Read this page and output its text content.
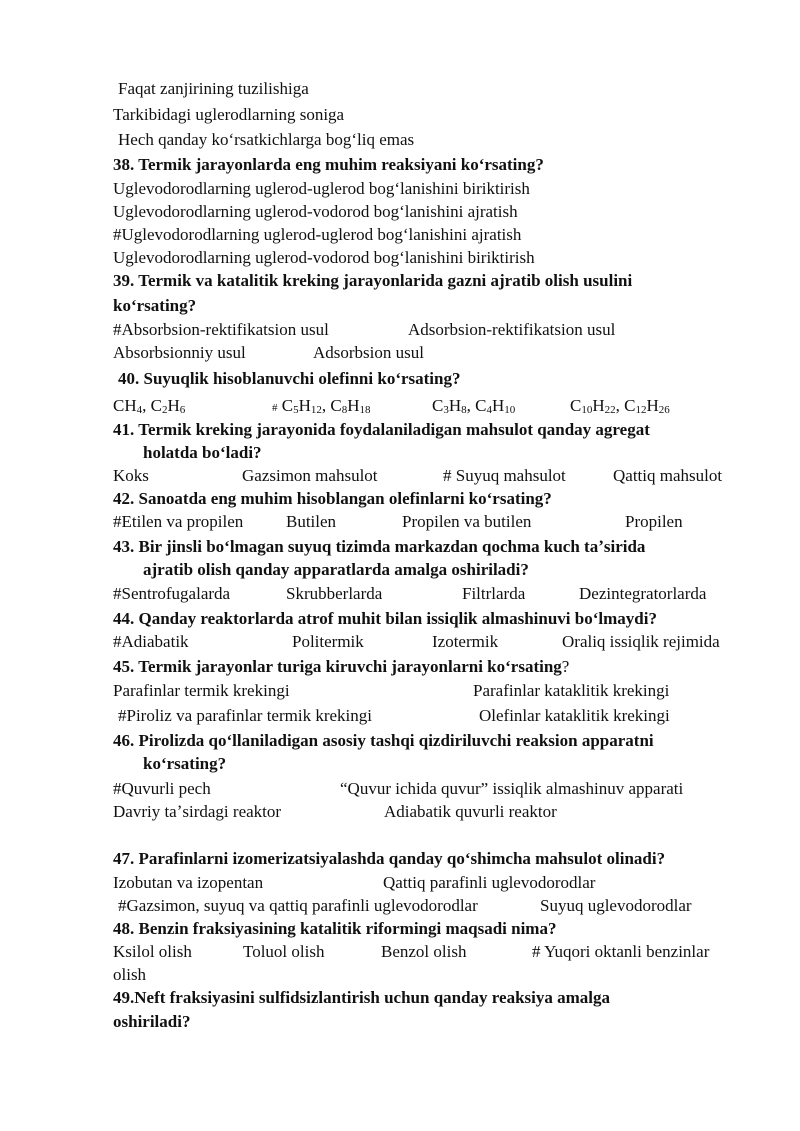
Faqat zanjirining tuzilishiga
Tarkibidagi uglerodlarning soniga
Hech qanday koʻrsatkichlarga bogʻliq emas
38. Termik jarayonlarda eng muhim reaksiyani koʻrsating?
Uglevodorodlarning uglerod-uglerod bogʻlanishini biriktirish
Uglevodorodlarning uglerod-vodorod bogʻlanishini ajratish
#Uglevodorodlarning uglerod-uglerod bogʻlanishini ajratish
Uglevodorodlarning uglerod-vodorod bogʻlanishini biriktirish
39. Termik va katalitik kreking jarayonlarida gazni ajratib olish usulini
koʻrsating?
#Absorbsion-rektifikatsion usul	Adsorbsion-rektifikatsion usul
Absorbsionniy usul	Adsorbsion usul
40. Suyuqlik hisoblanuvchi olefinni koʻrsating?
$CH_4$, $C_2H_6$	# $C_5H_{12}$, $C_8H_{18}$	$C_3H_8$, $C_4H_{10}$	$C_{10}H_{22}$, $C_{12}H_{26}$
41. Termik kreking jarayonida foydalaniladigan mahsulot qanday agregat
holatda boʻladi?
Koks	Gazsimon mahsulot	# Suyuq mahsulot	Qattiq mahsulot
42. Sanoatda eng muhim hisoblangan olefinlarni koʻrsating?
#Etilen va propilen	Butilen	Propilen va butilen	Propilen
43. Bir jinsli boʻlmagan suyuq tizimda markazdan qochma kuch taʼsirida
ajratib olish qanday apparatlarda amalga oshiriladi?
#Sentrofugalarda	Skrubberlarda	Filtrlarda	Dezintegratorlarda
44. Qanday reaktorlarda atrof muhit bilan issiqlik almashinuvi boʻlmaydi?
#Adiabatik	Politermik	Izotermik	Oraliq issiqlik rejimida
45. Termik jarayonlar turiga kiruvchi jarayonlarni koʻrsating?
Parafinlar termik krekingi	Parafinlar kataklitik krekingi
#Piroliz va parafinlar termik krekingi	Olefinlar kataklitik krekingi
46. Pirolizda qoʻllaniladigan asosiy tashqi qizdiriluvchi reaksion apparatni
koʻrsating?
#Quvurli pech	“Quvur ichida quvur” issiqlik almashinuv apparati
Davriy taʼsirdagi reaktor	Adiabatik quvurli reaktor
47. Parafinlarni izomerizatsiyalashda qanday qoʻshimcha mahsulot olinadi?
Izobutan va izopentan	Qattiq parafinli uglevodorodlar
#Gazsimon, suyuq va qattiq parafinli uglevodorodlar	Suyuq uglevodorodlar
48. Benzin fraksiyasining katalitik riformingi maqsadi nima?
Ksilol olish	Toluol olish	Benzol olish	# Yuqori oktanli benzinlar
olish
49.Neft fraksiyasini sulfidsizlantirish uchun qanday reaksiya amalga
oshiriladi?
